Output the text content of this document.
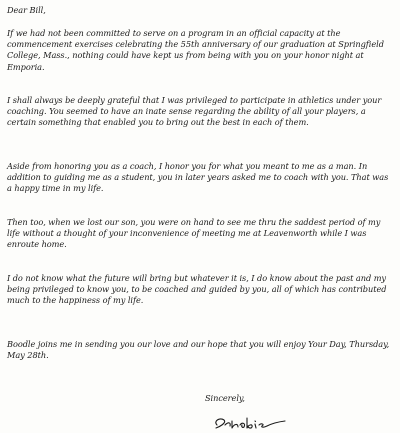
Dear Bill,

If we had not been committed to serve on a program in an official capacity at the commencement exercises celebrating the 55th anniversary of our graduation at Springfield College, Mass., nothing could have kept us from being with you on your honor night at Emporia.

I shall always be deeply grateful that I was privileged to participate in athletics under your coaching. You seemed to have an inate sense regarding the ability of all your players, a certain something that enabled you to bring out the best in each of them.

Aside from honoring you as a coach, I honor you for what you meant to me as a man. In addition to guiding me as a student, you in later years asked me to coach with you. That was a happy time in my life.

Then too, when we lost our son, you were on hand to see me thru the saddest period of my life without a thought of your inconvenience of meeting me at Leavenworth while I was enroute home.

I do not know what the future will bring but whatever it is, I do know about the past and my being privileged to know you, to be coached and guided by you, all of which has contributed much to the happiness of my life.

Boodle joins me in sending you our love and our hope that you will enjoy Your Day, Thursday, May 28th.

Sincerely,
